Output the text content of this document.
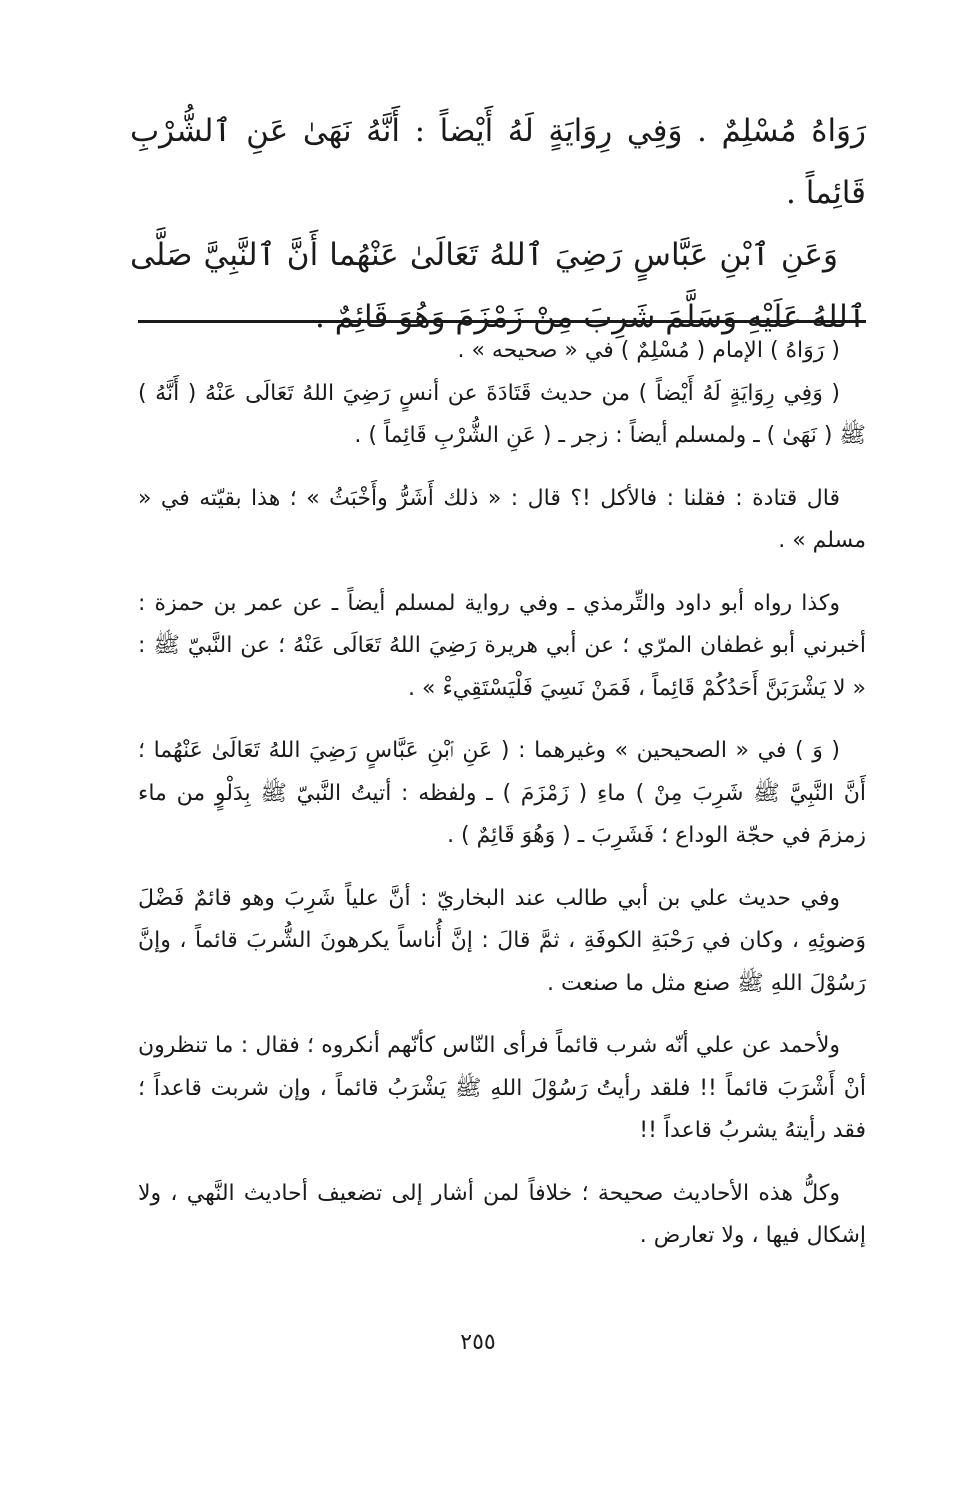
رَوَاهُ مُسْلِمٌ . وَفِي رِوَايَةٍ لَهُ أَيْضاً : أَنَّهُ نَهَىٰ عَنِ ٱلشُّرْبِ قَائِماً .

وَعَنِ ٱبْنِ عَبَّاسٍ رَضِيَ ٱللهُ تَعَالَىٰ عَنْهُما أَنَّ ٱلنَّبِيَّ صَلَّى ٱللهُ عَلَيْهِ وَسَلَّمَ شَرِبَ مِنْ زَمْزَمَ وَهُوَ قَائِمٌ .

( رَوَاهُ ) الإمام ( مُسْلِمٌ ) في « صحيحه » .

( وَفِي رِوَايَةٍ لَهُ أَيْضاً ) من حديث قَتَادَةَ عن أنسٍ رَضِيَ اللهُ تَعَالَى عَنْهُ ( أَنَّهُ ) ﷺ ( نَهَىٰ ) ـ ولمسلم أيضاً : زجر ـ ( عَنِ الشُّرْبِ قَائِماً ) .

قال قتادة : فقلنا : فالأكل !؟ قال : « ذلك أَشَرُّ وأَخْبَثُ » ؛ هذا بقيّته في « مسلم » .

وكذا رواه أبو داود والتِّرمذي ـ وفي رواية لمسلم أيضاً ـ عن عمر بن حمزة : أخبرني أبو غطفان المرّي ؛ عن أبي هريرة رَضِيَ اللهُ تَعَالَى عَنْهُ ؛ عن النَّبيّ ﷺ : « لا يَشْرَبَنَّ أَحَدُكُمْ قَائِماً ، فَمَنْ نَسِيَ فَلْيَسْتَقِيءْ » .

( وَ ) في « الصحيحين » وغيرهما : ( عَنِ ٱبْنِ عَبَّاسٍ رَضِيَ اللهُ تَعَالَىٰ عَنْهُما ؛ أَنَّ النَّبِيَّ ﷺ شَرِبَ مِنْ ) ماءِ ( زَمْزَمَ ) ـ ولفظه : أتيتُ النَّبيّ ﷺ بِدَلْوٍ من ماء زمزمَ في حجّة الوداع ؛ فَشَرِبَ ـ ( وَهُوَ قَائِمٌ ) .

وفي حديث علي بن أبي طالب عند البخاريّ : أنَّ علياً شَرِبَ وهو قائمٌ فَضْلَ وَضوئِهِ ، وكان في رَحْبَةِ الكوفَةِ ، ثمَّ قالَ : إنَّ أُناساً يكرهونَ الشُّربَ قائماً ، وإنَّ رَسُوْلَ اللهِ ﷺ صنع مثل ما صنعت .

ولأحمد عن علي أنّه شرب قائماً فرأى النّاس كأنّهم أنكروه ؛ فقال : ما تنظرون أنْ أَشْرَبَ قائماً !! فلقد رأيتُ رَسُوْلَ اللهِ ﷺ يَشْرَبُ قائماً ، وإن شربت قاعداً ؛ فقد رأيتهُ يشربُ قاعداً !!

وكلُّ هذه الأحاديث صحيحة ؛ خلافاً لمن أشار إلى تضعيف أحاديث النَّهي ، ولا إشكال فيها ، ولا تعارض .

٢٥٥
